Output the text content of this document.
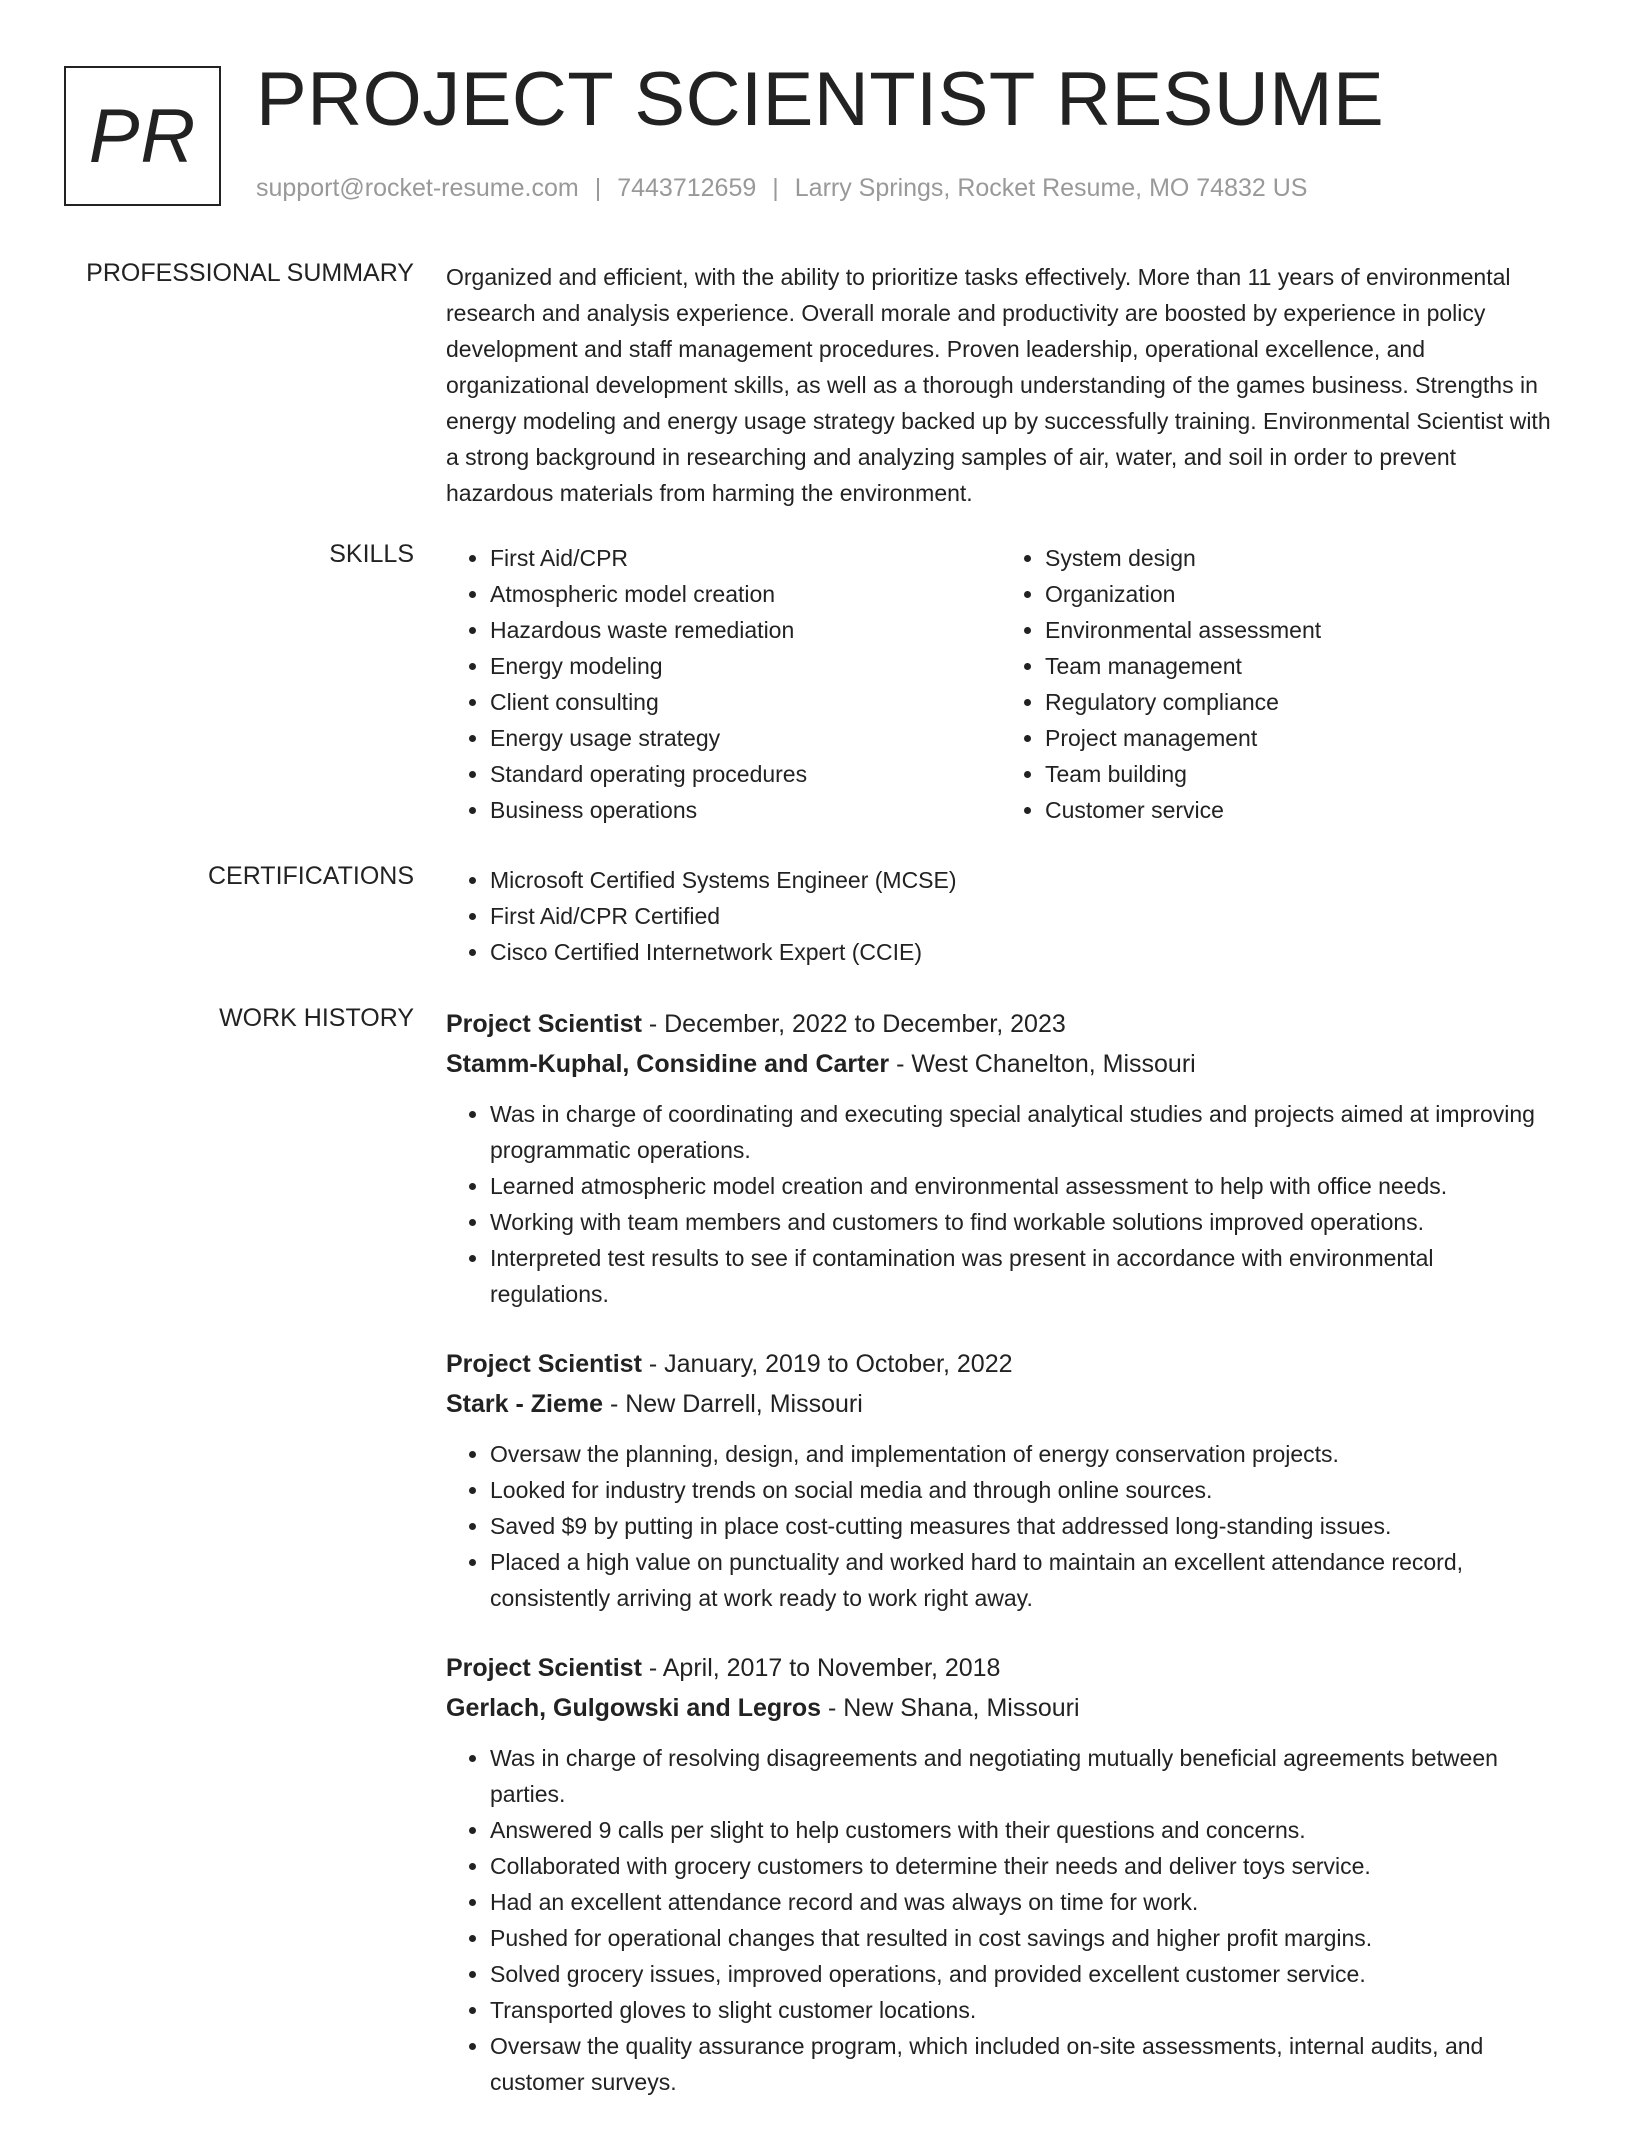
PR PROJECT SCIENTIST RESUME
support@rocket-resume.com | 7443712659 | Larry Springs, Rocket Resume, MO 74832 US
PROFESSIONAL SUMMARY Organized and efficient, with the ability to prioritize tasks effectively. More than 11 years of environmental research and analysis experience. Overall morale and productivity are boosted by experience in policy development and staff management procedures. Proven leadership, operational excellence, and organizational development skills, as well as a thorough understanding of the games business. Strengths in energy modeling and energy usage strategy backed up by successfully training. Environmental Scientist with a strong background in researching and analyzing samples of air, water, and soil in order to prevent hazardous materials from harming the environment.

SKILLS	• First Aid/CPR
• Atmospheric model creation
• Hazardous waste remediation
• Energy modeling
• Client consulting
• Energy usage strategy
• Standard operating procedures
• Business operations
• System design
• Organization
• Environmental assessment
• Team management
• Regulatory compliance
• Project management
• Team building
• Customer service
CERTIFICATIONS	• Microsoft Certified Systems Engineer (MCSE)
• First Aid/CPR Certified
• Cisco Certified Internetwork Expert (CCIE)
WORK HISTORY Project Scientist - December, 2022 to December, 2023
Stamm-Kuphal, Considine and Carter - West Chanelton, Missouri
• Was in charge of coordinating and executing special analytical studies and projects aimed at improving programmatic operations.
• Learned atmospheric model creation and environmental assessment to help with office needs.
• Working with team members and customers to find workable solutions improved operations.
• Interpreted test results to see if contamination was present in accordance with environmental regulations.
Project Scientist - January, 2019 to October, 2022
Stark - Zieme - New Darrell, Missouri
• Oversaw the planning, design, and implementation of energy conservation projects.
• Looked for industry trends on social media and through online sources.
• Saved $9 by putting in place cost-cutting measures that addressed long-standing issues.
• Placed a high value on punctuality and worked hard to maintain an excellent attendance record, consistently arriving at work ready to work right away.
Project Scientist - April, 2017 to November, 2018
Gerlach, Gulgowski and Legros - New Shana, Missouri
• Was in charge of resolving disagreements and negotiating mutually beneficial agreements between parties.
• Answered 9 calls per slight to help customers with their questions and concerns.
• Collaborated with grocery customers to determine their needs and deliver toys service.
• Had an excellent attendance record and was always on time for work.
• Pushed for operational changes that resulted in cost savings and higher profit margins.
• Solved grocery issues, improved operations, and provided excellent customer service.
• Transported gloves to slight customer locations.
• Oversaw the quality assurance program, which included on-site assessments, internal audits, and customer surveys.
